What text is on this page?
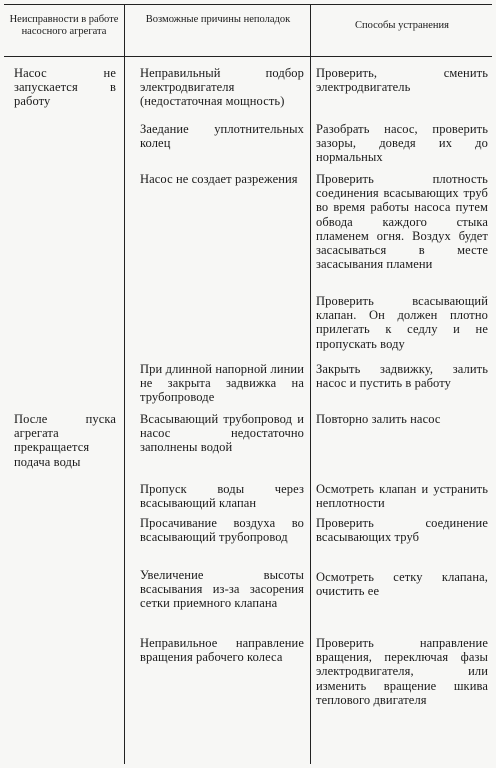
Неисправности в работе насосного агрегата
Возможные причины неполадок
Способы устранения
Насос не запускается в работу
Неправильный подбор электродвигателя (недостаточная мощность)
Проверить, сменить электродвигатель
Заедание уплотнительных колец
Разобрать насос, проверить зазоры, доведя их до нормальных
Насос не создает разрежения	Проверить плотность соединения всасывающих труб во время работы насоса путем обвода каждого стыка пламенем огня. Воздух будет засасываться в месте засасывания пламени
Проверить всасывающий клапан. Он должен плотно прилегать к седлу и не пропускать воду
При длинной напорной линии не закрыта задвижка на трубопроводе
Закрыть задвижку, залить насос и пустить в работу
После пуска агрегата прекращается подача воды
Всасывающий трубопровод и насос недостаточно заполнены водой
Повторно залить насос
Пропуск воды через всасывающий клапан
Осмотреть клапан и устранить неплотности
Просачивание воздуха во всасывающий трубопровод
Проверить соединение всасывающих труб
Увеличение высоты всасывания из-за засорения сетки приемного клапана
Осмотреть сетку клапана, очистить ее
Неправильное направление вращения рабочего колеса
Проверить направление вращения, переключая фазы электродвигателя, или изменить вращение шкива теплового двигателя
